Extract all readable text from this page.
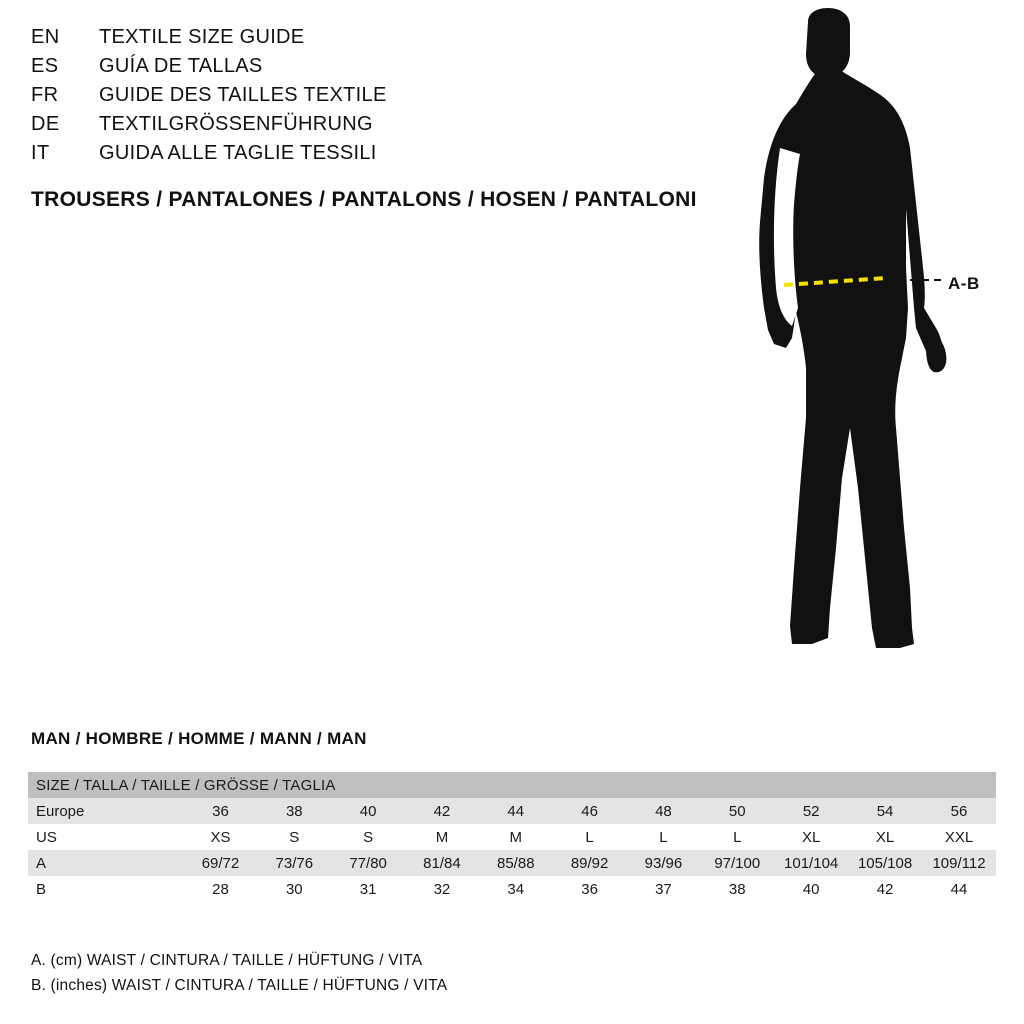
EN	TEXTILE SIZE GUIDE
ES	GUÍA DE TALLAS
FR	GUIDE DES TAILLES TEXTILE
DE	TEXTILGRÖSSENFÜHRUNG
IT	GUIDA ALLE TAGLIE TESSILI
TROUSERS / PANTALONES / PANTALONS / HOSEN / PANTALONI
A-B
MAN / HOMBRE / HOMME / MANN / MAN
SIZE / TALLA / TAILLE / GRÖSSE / TAGLIA											
Europe	36	38	40	42	44	46	48	50	52	54	56
US	XS	S	S	M	M	L	L	L	XL	XL	XXL
A	69/72	73/76	77/80	81/84	85/88	89/92	93/96	97/100	101/104	105/108	109/112
B	28	30	31	32	34	36	37	38	40	42	44
A. (cm) WAIST / CINTURA / TAILLE / HÜFTUNG / VITA
B. (inches) WAIST / CINTURA / TAILLE / HÜFTUNG / VITA
